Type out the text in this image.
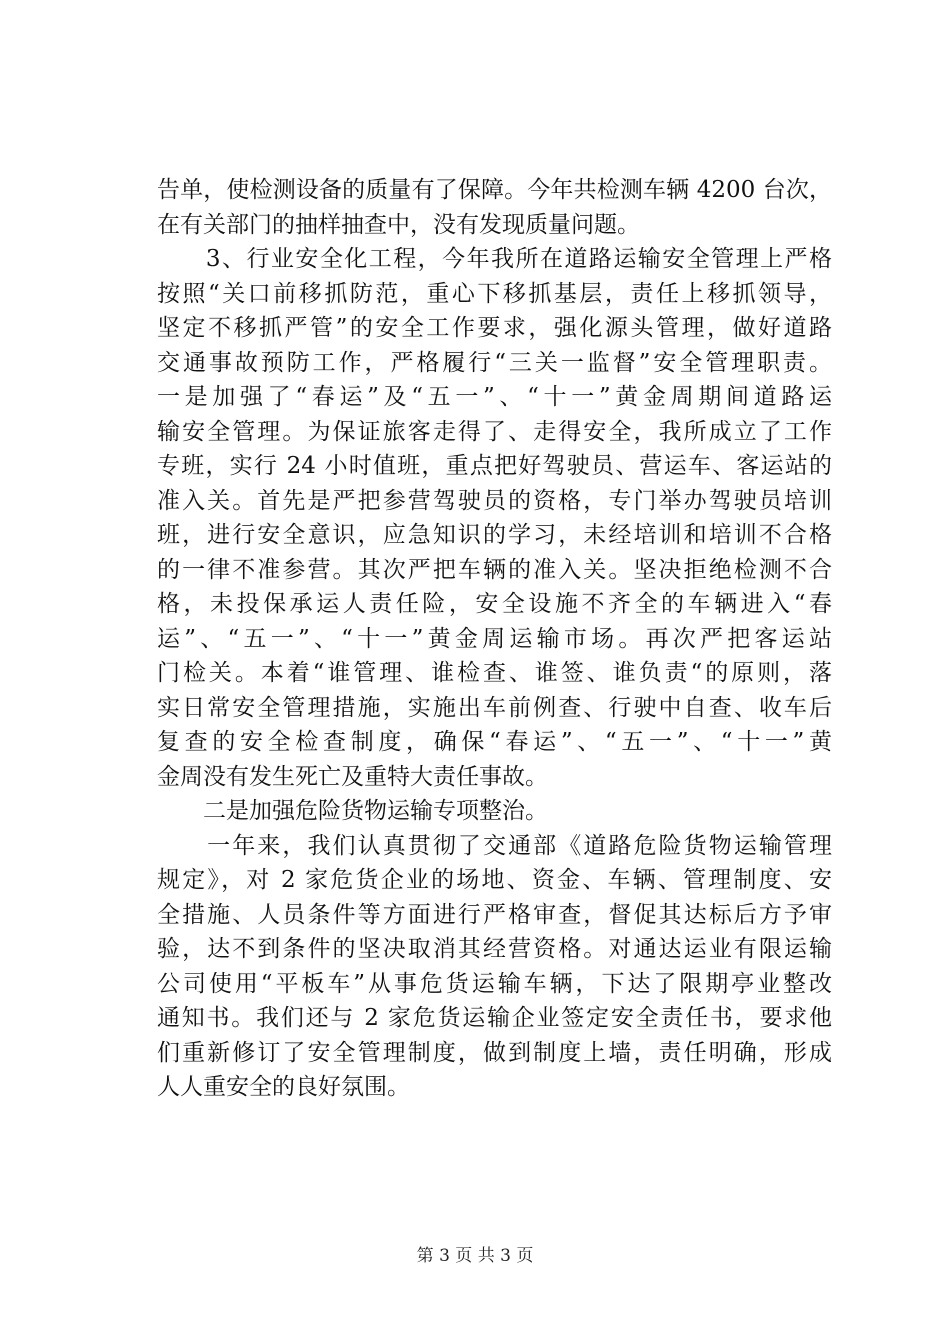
告单，使检测设备的质量有了保障。今年共检测车辆 4200 台次，
在有关部门的抽样抽查中，没有发现质量问题。
　　3、行业安全化工程，今年我所在道路运输安全管理上严格
按照“关口前移抓防范，重心下移抓基层，责任上移抓领导，
坚定不移抓严管”的安全工作要求，强化源头管理，做好道路
交通事故预防工作，严格履行“三关一监督”安全管理职责。
一是加强了“春运”及“五一”、“十一”黄金周期间道路运
输安全管理。为保证旅客走得了、走得安全，我所成立了工作
专班，实行 24 小时值班，重点把好驾驶员、营运车、客运站的
准入关。首先是严把参营驾驶员的资格，专门举办驾驶员培训
班，进行安全意识，应急知识的学习，未经培训和培训不合格
的一律不准参营。其次严把车辆的准入关。坚决拒绝检测不合
格，未投保承运人责任险，安全设施不齐全的车辆进入“春
运”、“五一”、“十一”黄金周运输市场。再次严把客运站
门检关。本着“谁管理、谁检查、谁签、谁负责“的原则，落
实日常安全管理措施，实施出车前例查、行驶中自查、收车后
复查的安全检查制度，确保“春运”、“五一”、“十一”黄
金周没有发生死亡及重特大责任事故。
　　二是加强危险货物运输专项整治。
　　一年来，我们认真贯彻了交通部《道路危险货物运输管理
规定》，对 2 家危货企业的场地、资金、车辆、管理制度、安
全措施、人员条件等方面进行严格审查，督促其达标后方予审
验，达不到条件的坚决取消其经营资格。对通达运业有限运输
公司使用“平板车”从事危货运输车辆，下达了限期亭业整改
通知书。我们还与 2 家危货运输企业签定安全责任书，要求他
们重新修订了安全管理制度，做到制度上墙，责任明确，形成
人人重安全的良好氛围。
第 3 页 共 3 页
